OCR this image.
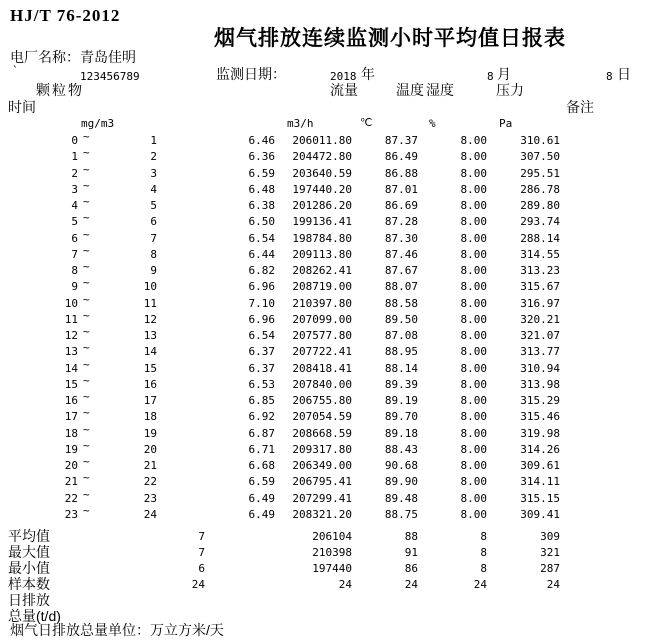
HJ/T 76-2012
烟气排放连续监测小时平均值日报表
电厂名称： 青岛佳明
`	123456789	监测日期：	2018 年	8 月	8 日
颗粒物	流量	温度 湿度	压力
时间	备注
mg/m3	m3/h	℃	%	Pa
0 ~	1	6.46	206011.80	87.37	8.00	310.61
1 ~	2	6.36	204472.80	86.49	8.00	307.50
2 ~	3	6.59	203640.59	86.88	8.00	295.51
3 ~	4	6.48	197440.20	87.01	8.00	286.78
4 ~	5	6.38	201286.20	86.69	8.00	289.80
5 ~	6	6.50	199136.41	87.28	8.00	293.74
6 ~	7	6.54	198784.80	87.30	8.00	288.14
7 ~	8	6.44	209113.80	87.46	8.00	314.55
8 ~	9	6.82	208262.41	87.67	8.00	313.23
9 ~	10	6.96	208719.00	88.07	8.00	315.67
10 ~	11	7.10	210397.80	88.58	8.00	316.97
11 ~	12	6.96	207099.00	89.50	8.00	320.21
12 ~	13	6.54	207577.80	87.08	8.00	321.07
13 ~	14	6.37	207722.41	88.95	8.00	313.77
14 ~	15	6.37	208418.41	88.14	8.00	310.94
15 ~	16	6.53	207840.00	89.39	8.00	313.98
16 ~	17	6.85	206755.80	89.19	8.00	315.29
17 ~	18	6.92	207054.59	89.70	8.00	315.46
18 ~	19	6.87	208668.59	89.18	8.00	319.98
19 ~	20	6.71	209317.80	88.43	8.00	314.26
20 ~	21	6.68	206349.00	90.68	8.00	309.61
21 ~	22	6.59	206795.41	89.90	8.00	314.11
22 ~	23	6.49	207299.41	89.48	8.00	315.15
23 ~	24	6.49	208321.20	88.75	8.00	309.41
平均值	7	206104	88	8	309
最大值	7	210398	91	8	321
最小值	6	197440	86	8	287
样本数	24	24	24	24	24
日排放
总量(t/d)
烟气日排放总量单位：万立方米/天
